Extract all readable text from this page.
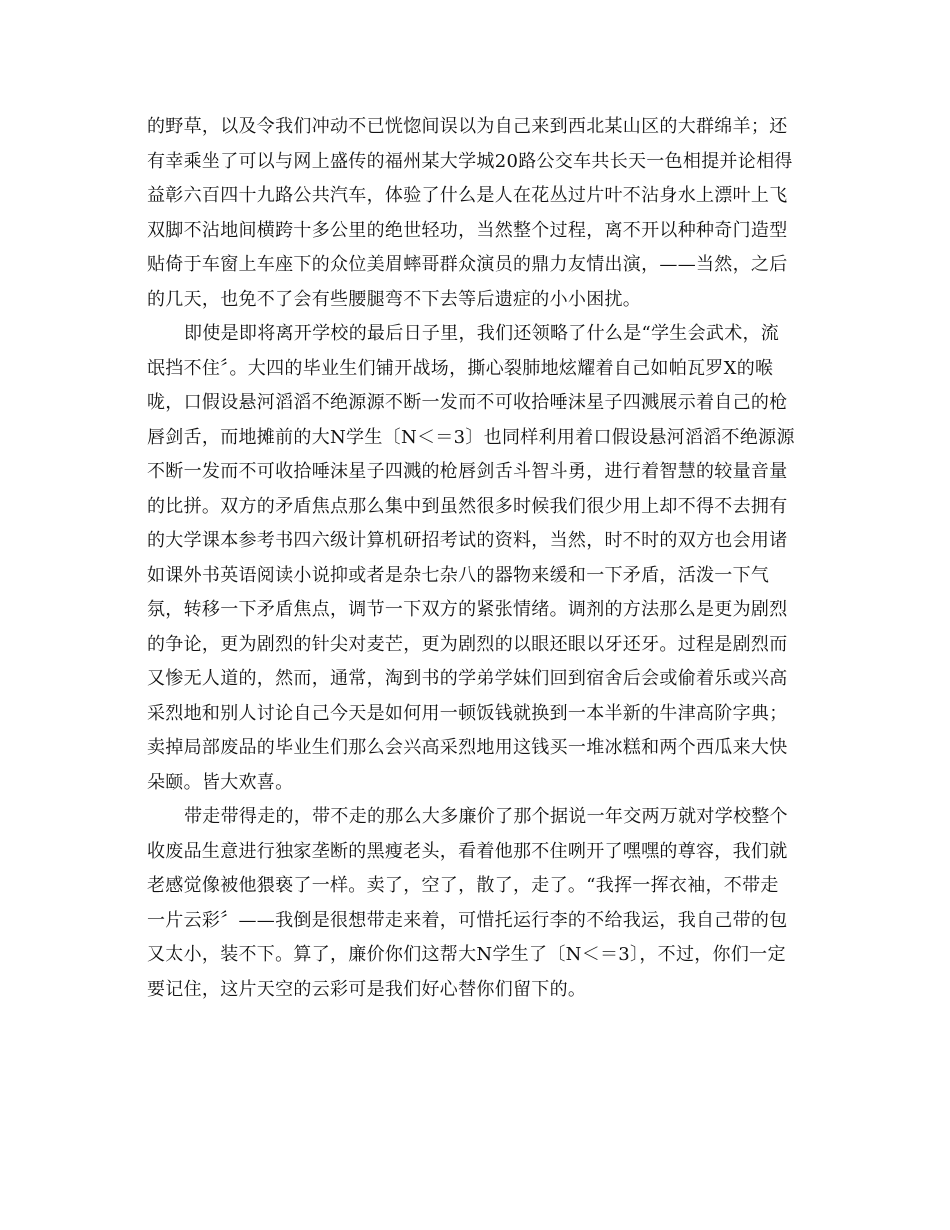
的野草，以及令我们冲动不已恍惚间误以为自己来到西北某山区的大群绵羊；还
有幸乘坐了可以与网上盛传的福州某大学城20路公交车共长天一色相提并论相得
益彰六百四十九路公共汽车，体验了什么是人在花丛过片叶不沾身水上漂叶上飞
双脚不沾地间横跨十多公里的绝世轻功，当然整个过程，离不开以种种奇门造型
贴倚于车窗上车座下的众位美眉蟀哥群众演员的鼎力友情出演，——当然，之后
的几天，也免不了会有些腰腿弯不下去等后遗症的小小困扰。
即使是即将离开学校的最后日子里，我们还领略了什么是“学生会武术，流
氓挡不住〞。大四的毕业生们铺开战场，撕心裂肺地炫耀着自己如帕瓦罗X的喉
咙，口假设悬河滔滔不绝源源不断一发而不可收拾唾沫星子四溅展示着自己的枪
唇剑舌，而地摊前的大N学生〔N＜＝3〕也同样利用着口假设悬河滔滔不绝源源
不断一发而不可收拾唾沫星子四溅的枪唇剑舌斗智斗勇，进行着智慧的较量音量
的比拼。双方的矛盾焦点那么集中到虽然很多时候我们很少用上却不得不去拥有
的大学课本参考书四六级计算机研招考试的资料，当然，时不时的双方也会用诸
如课外书英语阅读小说抑或者是杂七杂八的器物来缓和一下矛盾，活泼一下气
氛，转移一下矛盾焦点，调节一下双方的紧张情绪。调剂的方法那么是更为剧烈
的争论，更为剧烈的针尖对麦芒，更为剧烈的以眼还眼以牙还牙。过程是剧烈而
又惨无人道的，然而，通常，淘到书的学弟学妹们回到宿舍后会或偷着乐或兴高
采烈地和别人讨论自己今天是如何用一顿饭钱就换到一本半新的牛津高阶字典；
卖掉局部废品的毕业生们那么会兴高采烈地用这钱买一堆冰糕和两个西瓜来大快
朵颐。皆大欢喜。
带走带得走的，带不走的那么大多廉价了那个据说一年交两万就对学校整个
收废品生意进行独家垄断的黑瘦老头，看着他那不住咧开了嘿嘿的尊容，我们就
老感觉像被他猥亵了一样。卖了，空了，散了，走了。“我挥一挥衣袖，不带走
一片云彩〞——我倒是很想带走来着，可惜托运行李的不给我运，我自己带的包
又太小，装不下。算了，廉价你们这帮大N学生了〔N＜＝3〕，不过，你们一定
要记住，这片天空的云彩可是我们好心替你们留下的。
